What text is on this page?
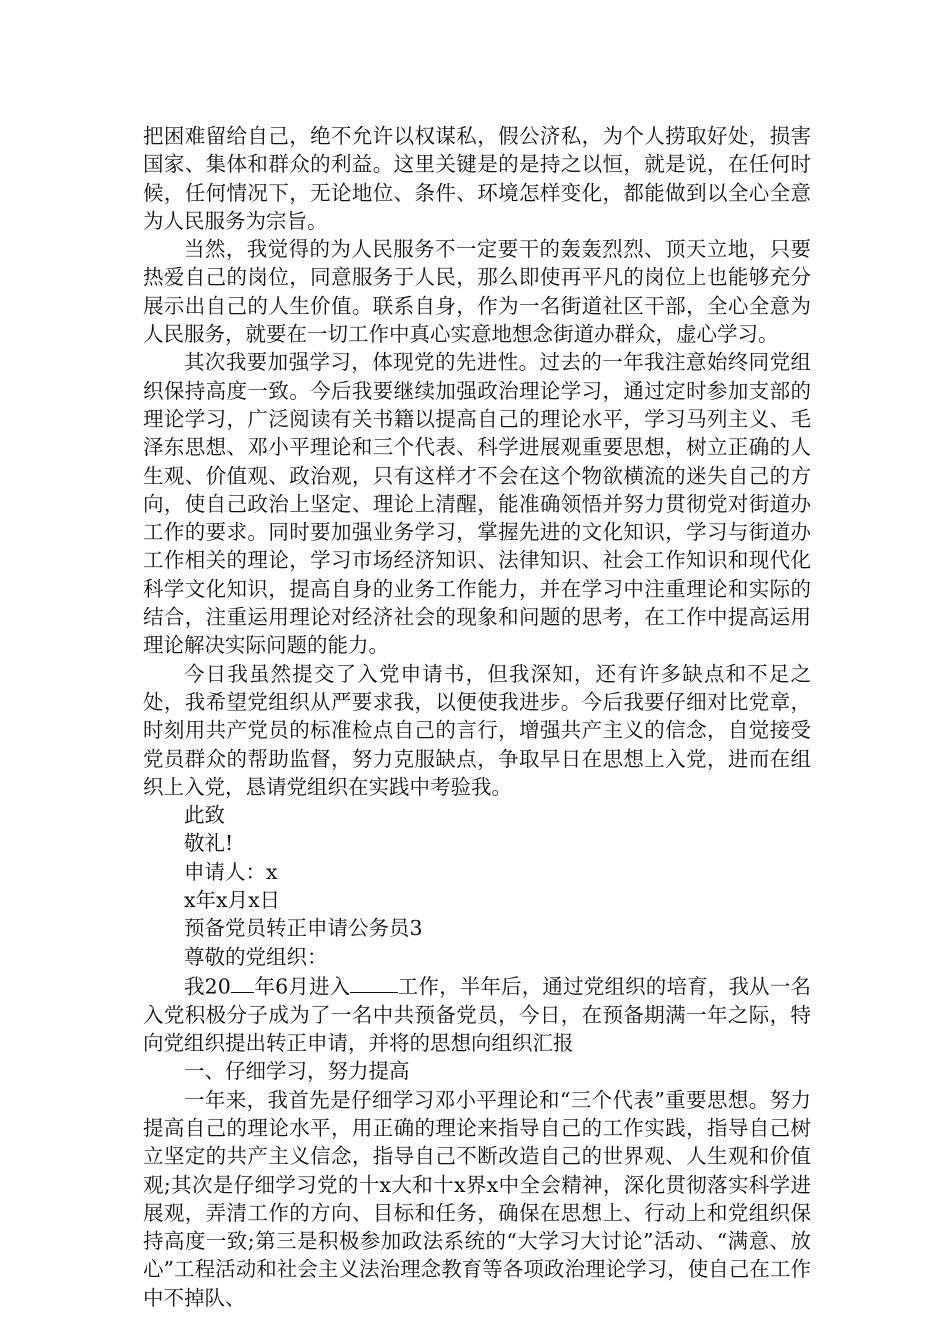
把困难留给自己，绝不允许以权谋私，假公济私，为个人捞取好处，损害国家、集体和群众的利益。这里关键是的是持之以恒，就是说，在任何时候，任何情况下，无论地位、条件、环境怎样变化，都能做到以全心全意为人民服务为宗旨。

当然，我觉得的为人民服务不一定要干的轰轰烈烈、顶天立地，只要热爱自己的岗位，同意服务于人民，那么即使再平凡的岗位上也能够充分展示出自己的人生价值。联系自身，作为一名街道社区干部，全心全意为人民服务，就要在一切工作中真心实意地想念街道办群众，虚心学习。

其次我要加强学习，体现党的先进性。过去的一年我注意始终同党组织保持高度一致。今后我要继续加强政治理论学习，通过定时参加支部的理论学习，广泛阅读有关书籍以提高自己的理论水平，学习马列主义、毛泽东思想、邓小平理论和三个代表、科学进展观重要思想，树立正确的人生观、价值观、政治观，只有这样才不会在这个物欲横流的迷失自己的方向，使自己政治上坚定、理论上清醒，能准确领悟并努力贯彻党对街道办工作的要求。同时要加强业务学习，掌握先进的文化知识，学习与街道办工作相关的理论，学习市场经济知识、法律知识、社会工作知识和现代化科学文化知识，提高自身的业务工作能力，并在学习中注重理论和实际的结合，注重运用理论对经济社会的现象和问题的思考，在工作中提高运用理论解决实际问题的能力。

今日我虽然提交了入党申请书，但我深知，还有许多缺点和不足之处，我希望党组织从严要求我，以便使我进步。今后我要仔细对比党章，时刻用共产党员的标准检点自己的言行，增强共产主义的信念，自觉接受党员群众的帮助监督，努力克服缺点，争取早日在思想上入党，进而在组织上入党，恳请党组织在实践中考验我。

此致

敬礼!

申请人：x

x年x月x日

预备党员转正申请公务员3

尊敬的党组织：

我20 年6月进入 工作，半年后，通过党组织的培育，我从一名入党积极分子成为了一名中共预备党员，今日，在预备期满一年之际，特向党组织提出转正申请，并将的思想向组织汇报

一、仔细学习，努力提高

一年来，我首先是仔细学习邓小平理论和“三个代表”重要思想。努力提高自己的理论水平，用正确的理论来指导自己的工作实践，指导自己树立坚定的共产主义信念，指导自己不断改造自己的世界观、人生观和价值观;其次是仔细学习党的十x大和十x界x中全会精神，深化贯彻落实科学进展观，弄清工作的方向、目标和任务，确保在思想上、行动上和党组织保持高度一致;第三是积极参加政法系统的“大学习大讨论”活动、“满意、放心”工程活动和社会主义法治理念教育等各项政治理论学习，使自己在工作中不掉队、
